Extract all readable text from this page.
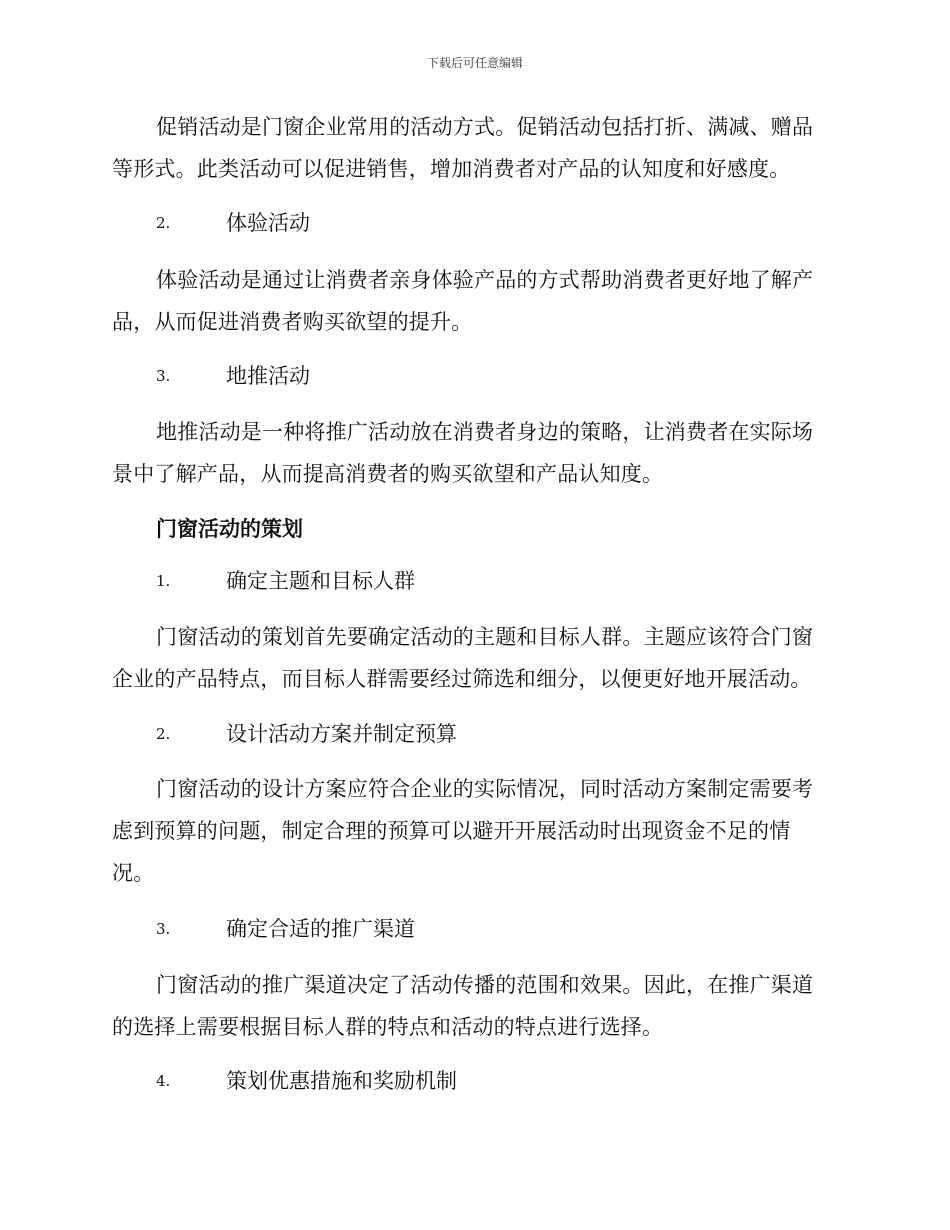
下载后可任意编辑

促销活动是门窗企业常用的活动方式。促销活动包括打折、满减、赠品等形式。此类活动可以促进销售，增加消费者对产品的认知度和好感度。

2.	体验活动

体验活动是通过让消费者亲身体验产品的方式帮助消费者更好地了解产品，从而促进消费者购买欲望的提升。

3.	地推活动

地推活动是一种将推广活动放在消费者身边的策略，让消费者在实际场景中了解产品，从而提高消费者的购买欲望和产品认知度。

门窗活动的策划
1.	确定主题和目标人群

门窗活动的策划首先要确定活动的主题和目标人群。主题应该符合门窗企业的产品特点，而目标人群需要经过筛选和细分，以便更好地开展活动。

2.	设计活动方案并制定预算

门窗活动的设计方案应符合企业的实际情况，同时活动方案制定需要考虑到预算的问题，制定合理的预算可以避开开展活动时出现资金不足的情况。

3.	确定合适的推广渠道

门窗活动的推广渠道决定了活动传播的范围和效果。因此，在推广渠道的选择上需要根据目标人群的特点和活动的特点进行选择。

4.	策划优惠措施和奖励机制
